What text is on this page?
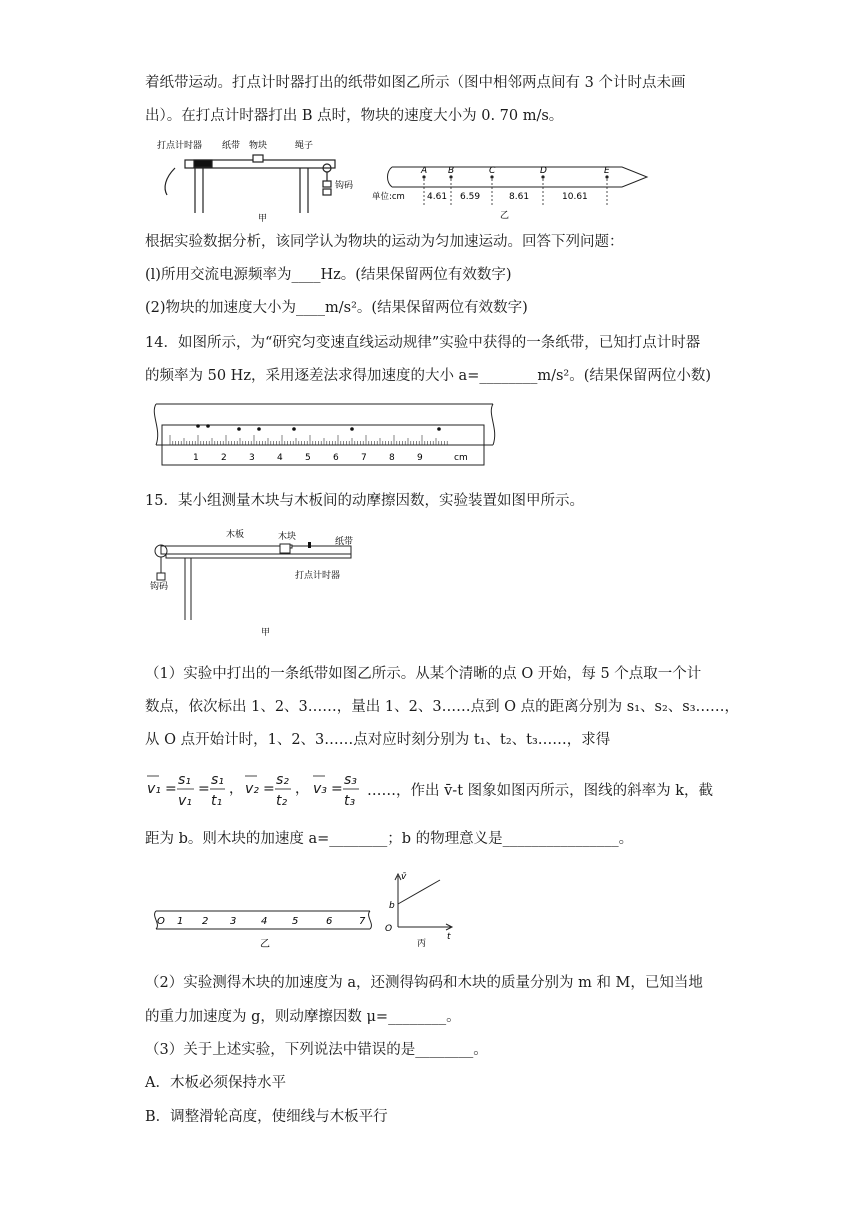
着纸带运动。打点计时器打出的纸带如图乙所示（图中相邻两点间有 3 个计时点未画
出）。在打点计时器打出 B 点时，物块的速度大小为 0. 70 m/s。
打点计时器 纸带 物块	绳子
钩码
甲
A B	C	D	E
单位:cm 4.61 6.59	8.61	10.61
乙
根据实验数据分析，该同学认为物块的运动为匀加速运动。回答下列问题：
(l)所用交流电源频率为____Hz。(结果保留两位有效数字)
(2)物块的加速度大小为____m/s²。(结果保留两位有效数字)
14．如图所示，为“研究匀变速直线运动规律”实验中获得的一条纸带，已知打点计时器
的频率为 50 Hz，采用逐差法求得加速度的大小 a=________m/s²。(结果保留两位小数)
1 2 3 4 5 6 7 8 9	cm
15．某小组测量木块与木板间的动摩擦因数，实验装置如图甲所示。
木板	木块	纸带
钩码
打点计时器
甲
（1）实验中打出的一条纸带如图乙所示。从某个清晰的点 O 开始，每 5 个点取一个计
数点，依次标出 1、2、3……，量出 1、2、3……点到 O 点的距离分别为 s₁、s₂、s₃……，
从 O 点开始计时，1、2、3……点对应时刻分别为 t₁、t₂、t₃……，求得
v₁ =
s₁
v₁
=
s₁
t₁
， v₂ =
s₂
t₂
， v₃ =
s₃
t₃
……，作出 v̄-t 图象如图丙所示，图线的斜率为 k，截
距为 b。则木块的加速度 a=________；b 的物理意义是________________。
O 1 2 3 4 5	6	7
乙
v̄
t
O
b
丙
（2）实验测得木块的加速度为 a，还测得钩码和木块的质量分别为 m 和 M，已知当地
的重力加速度为 g，则动摩擦因数 μ=________。
（3）关于上述实验，下列说法中错误的是________。
A．木板必须保持水平
B．调整滑轮高度，使细线与木板平行
